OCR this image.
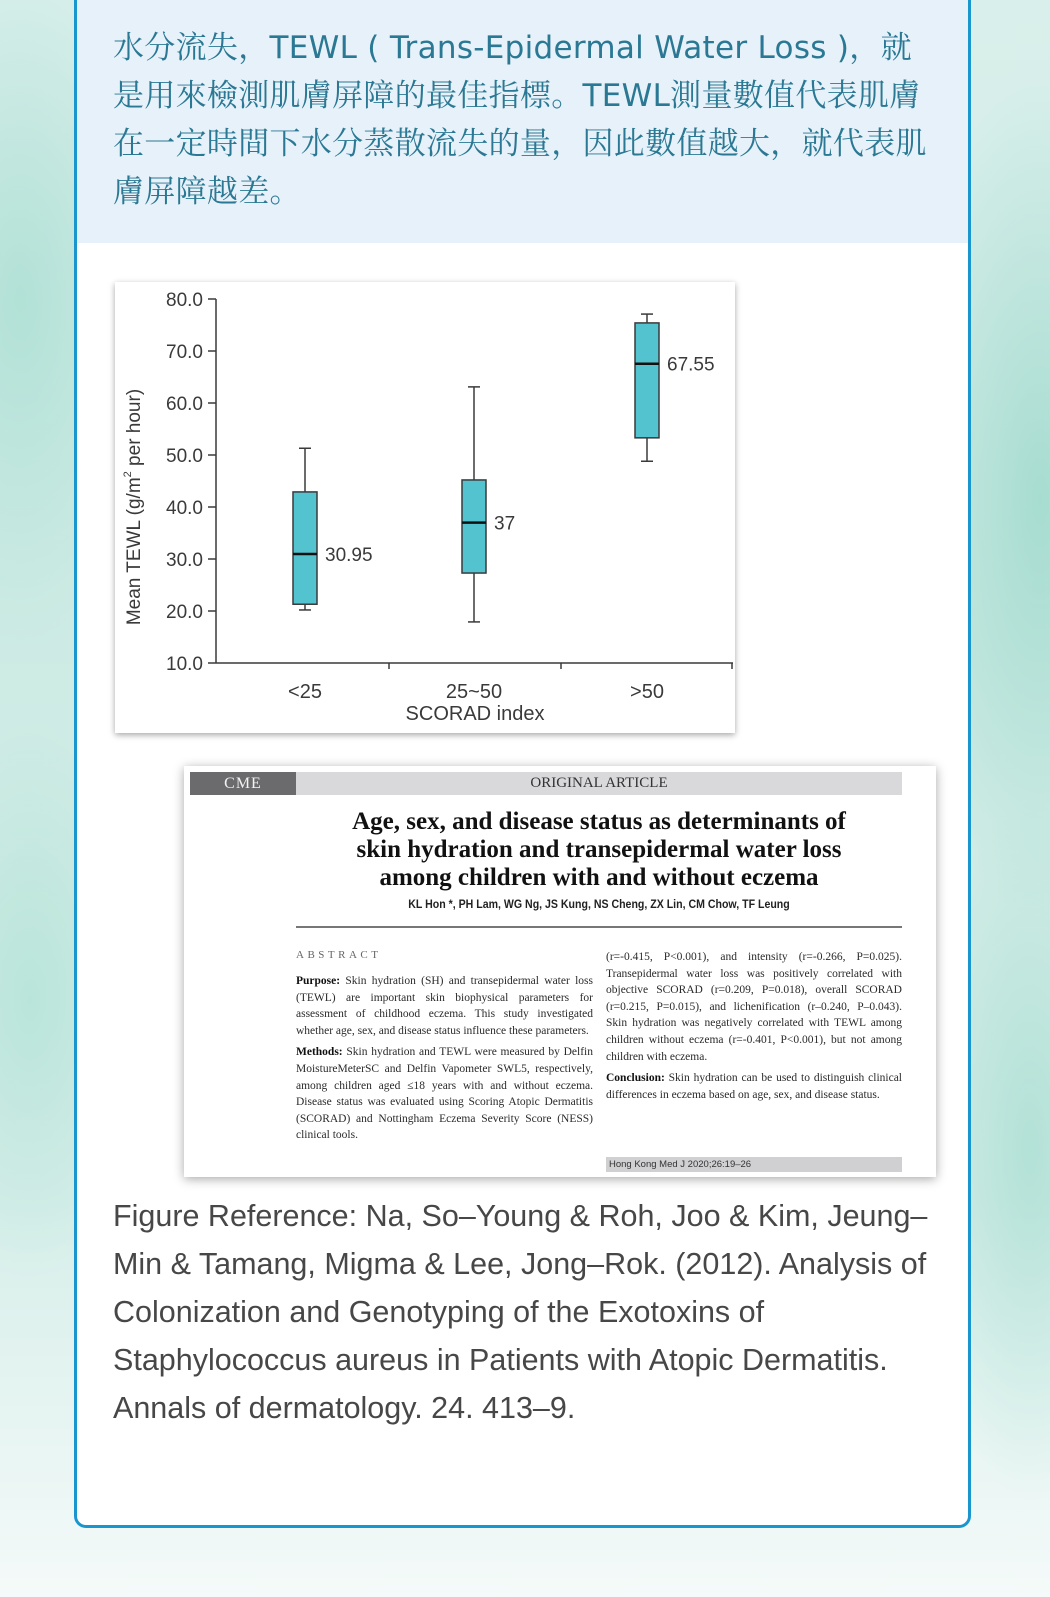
水分流失，TEWL ( Trans-Epidermal Water Loss )，就是用來檢測肌膚屏障的最佳指標。TEWL測量數值代表肌膚在一定時間下水分蒸散流失的量，因此數值越大，就代表肌膚屏障越差。

10.0
20.0
30.0
40.0
50.0
60.0
70.0
80.0
<25	25~50	>50
30.95
37
67.55
Mean TEWL ($g/m^2$ per hour)
SCORAD index
CME	ORIGINAL ARTICLE
Age, sex, and disease status as determinants of
skin hydration and transepidermal water loss
among children with and without eczema
KL Hon *, PH Lam, WG Ng, JS Kung, NS Cheng, ZX Lin, CM Chow, TF Leung
ABSTRACT

Purpose: Skin hydration (SH) and transepidermal water loss (TEWL) are important skin biophysical parameters for assessment of childhood eczema. This study investigated whether age, sex, and disease status influence these parameters.

Methods: Skin hydration and TEWL were measured by Delfin MoistureMeterSC and Delfin Vapometer SWL5, respectively, among children aged ≤18 years with and without eczema. Disease status was evaluated using Scoring Atopic Dermatitis (SCORAD) and Nottingham Eczema Severity Score (NESS) clinical tools.

(r=-0.415, P<0.001), and intensity (r=-0.266, P=0.025). Transepidermal water loss was positively correlated with objective SCORAD (r=0.209, P=0.018), overall SCORAD (r=0.215, P=0.015), and lichenification (r–0.240, P–0.043). Skin hydration was negatively correlated with TEWL among children without eczema (r=-0.401, P<0.001), but not among children with eczema.

Conclusion: Skin hydration can be used to distinguish clinical differences in eczema based on age, sex, and disease status.

Hong Kong Med J 2020;26:19–26

Figure Reference: Na, So–Young & Roh, Joo & Kim, Jeung–Min & Tamang, Migma & Lee, Jong–Rok. (2012). Analysis of Colonization and Genotyping of the Exotoxins of Staphylococcus aureus in Patients with Atopic Dermatitis. Annals of dermatology. 24. 413–9.
